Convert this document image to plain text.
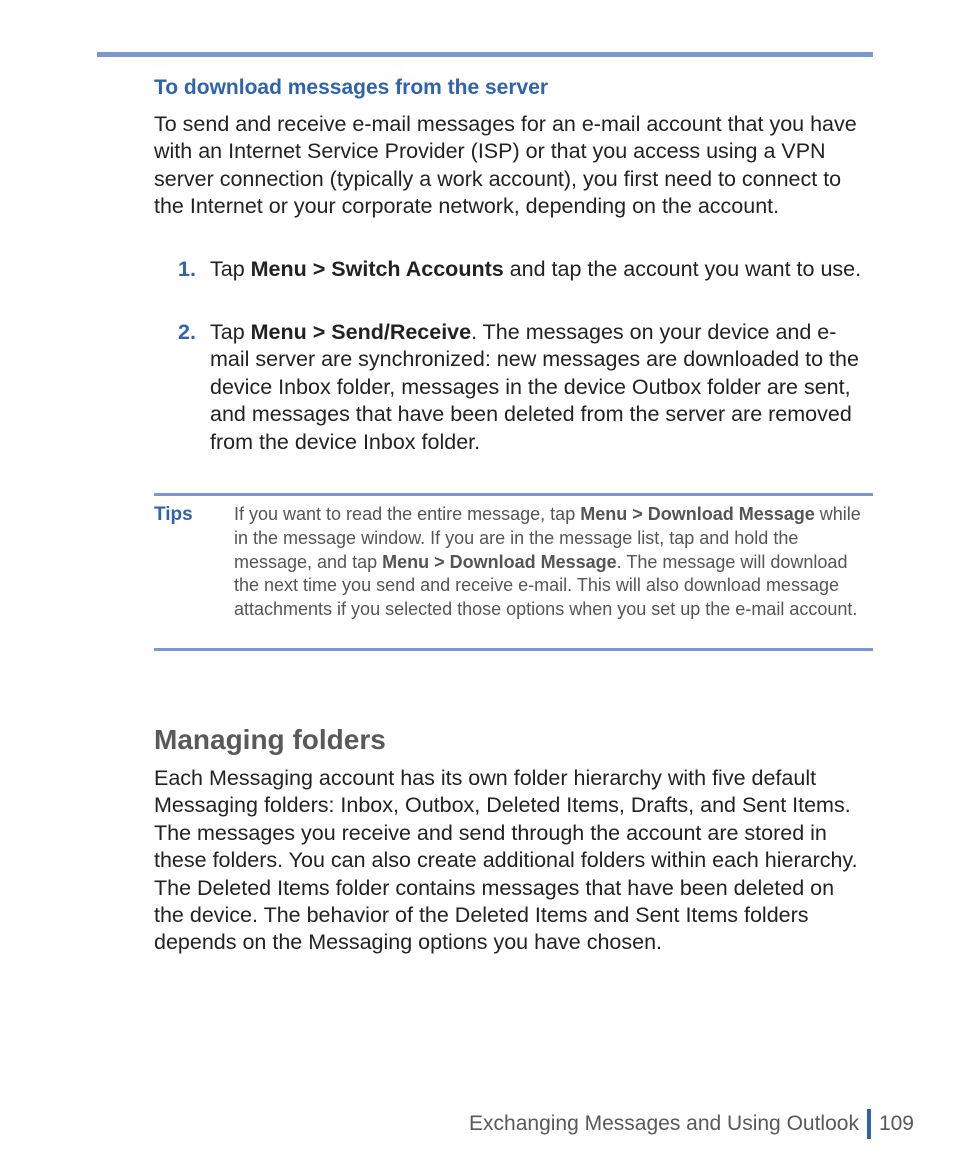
To download messages from the server
To send and receive e-mail messages for an e-mail account that you have with an Internet Service Provider (ISP) or that you access using a VPN server connection (typically a work account), you first need to connect to the Internet or your corporate network, depending on the account.
1. Tap Menu > Switch Accounts and tap the account you want to use.
2. Tap Menu > Send/Receive. The messages on your device and e-mail server are synchronized: new messages are downloaded to the device Inbox folder, messages in the device Outbox folder are sent, and messages that have been deleted from the server are removed from the device Inbox folder.
Tips If you want to read the entire message, tap Menu > Download Message while in the message window. If you are in the message list, tap and hold the message, and tap Menu > Download Message. The message will download the next time you send and receive e-mail. This will also download message attachments if you selected those options when you set up the e-mail account.
Managing folders
Each Messaging account has its own folder hierarchy with five default Messaging folders: Inbox, Outbox, Deleted Items, Drafts, and Sent Items. The messages you receive and send through the account are stored in these folders. You can also create additional folders within each hierarchy. The Deleted Items folder contains messages that have been deleted on the device. The behavior of the Deleted Items and Sent Items folders depends on the Messaging options you have chosen.
Exchanging Messages and Using Outlook 109
